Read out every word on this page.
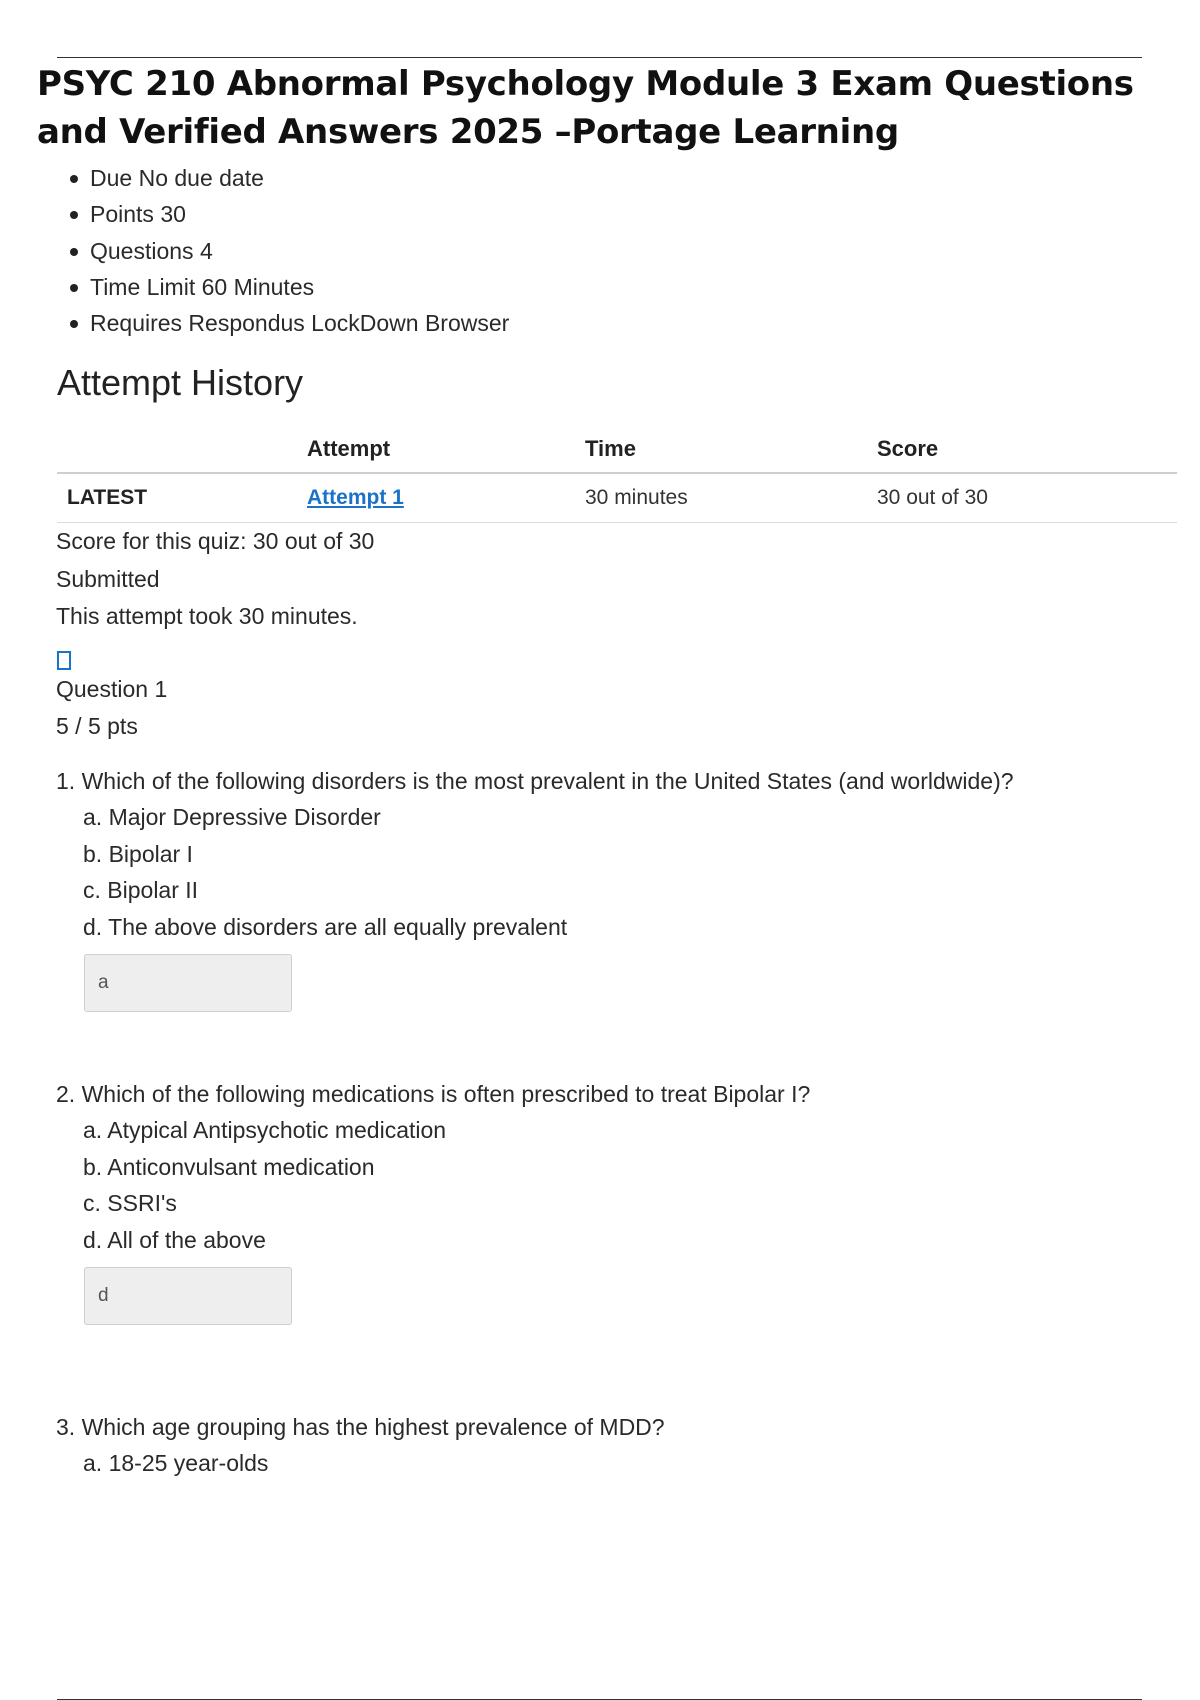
PSYC 210 Abnormal Psychology Module 3 Exam Questions and Verified Answers 2025 –Portage Learning
Due No due date
Points 30
Questions 4
Time Limit 60 Minutes
Requires Respondus LockDown Browser
Attempt History
	Attempt	Time	Score
LATEST	Attempt 1	30 minutes	30 out of 30
Score for this quiz: 30 out of 30
Submitted
This attempt took 30 minutes.
Question 1
5 / 5 pts
1. Which of the following disorders is the most prevalent in the United States (and worldwide)?
a. Major Depressive Disorder
b. Bipolar I
c. Bipolar II
d. The above disorders are all equally prevalent
a
2. Which of the following medications is often prescribed to treat Bipolar I?
a. Atypical Antipsychotic medication
b. Anticonvulsant medication
c. SSRI's
d. All of the above
d
3. Which age grouping has the highest prevalence of MDD?
a. 18-25 year-olds
